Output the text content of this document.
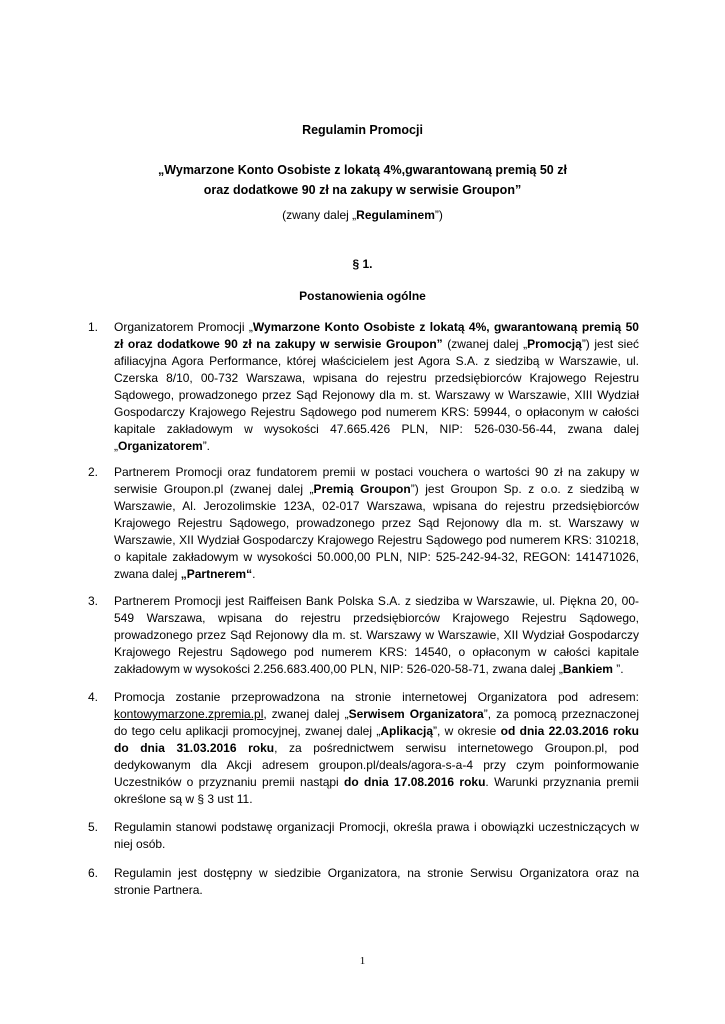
Regulamin Promocji
„Wymarzone Konto Osobiste z lokatą 4%,gwarantowaną premią 50 zł
oraz dodatkowe 90 zł na zakupy w serwisie Groupon”
(zwany dalej „Regulaminem”)
§ 1.
Postanowienia ogólne
1.	Organizatorem Promocji „Wymarzone Konto Osobiste z lokatą 4%, gwarantowaną premią 50 zł oraz dodatkowe 90 zł na zakupy w serwisie Groupon” (zwanej dalej „Promocją”) jest sieć afiliacyjna Agora Performance, której właścicielem jest Agora S.A. z siedzibą w Warszawie, ul. Czerska 8/10, 00-732 Warszawa, wpisana do rejestru przedsiębiorców Krajowego Rejestru Sądowego, prowadzonego przez Sąd Rejonowy dla m. st. Warszawy w Warszawie, XIII Wydział Gospodarczy Krajowego Rejestru Sądowego pod numerem KRS: 59944, o opłaconym w całości kapitale zakładowym w wysokości 47.665.426 PLN, NIP: 526-030-56-44, zwana dalej „Organizatorem”.
2.	Partnerem Promocji oraz fundatorem premii w postaci vouchera o wartości 90 zł na zakupy w serwisie Groupon.pl (zwanej dalej „Premią Groupon”) jest Groupon Sp. z o.o. z siedzibą w Warszawie, Al. Jerozolimskie 123A, 02-017 Warszawa, wpisana do rejestru przedsiębiorców Krajowego Rejestru Sądowego, prowadzonego przez Sąd Rejonowy dla m. st. Warszawy w Warszawie, XII Wydział Gospodarczy Krajowego Rejestru Sądowego pod numerem KRS: 310218, o kapitale zakładowym w wysokości 50.000,00 PLN, NIP: 525-242-94-32, REGON: 141471026, zwana dalej „Partnerem“.
3.	Partnerem Promocji jest Raiffeisen Bank Polska S.A. z siedziba w Warszawie, ul. Piękna 20, 00-549 Warszawa, wpisana do rejestru przedsiębiorców Krajowego Rejestru Sądowego, prowadzonego przez Sąd Rejonowy dla m. st. Warszawy w Warszawie, XII Wydział Gospodarczy Krajowego Rejestru Sądowego pod numerem KRS: 14540, o opłaconym w całości kapitale zakładowym w wysokości 2.256.683.400,00 PLN, NIP: 526-020-58-71, zwana dalej „Bankiem ”.
4.	Promocja zostanie przeprowadzona na stronie internetowej Organizatora pod adresem: kontowymarzone.zpremia.pl, zwanej dalej „Serwisem Organizatora”, za pomocą przeznaczonej do tego celu aplikacji promocyjnej, zwanej dalej „Aplikacją”, w okresie od dnia 22.03.2016 roku do dnia 31.03.2016 roku, za pośrednictwem serwisu internetowego Groupon.pl, pod dedykowanym dla Akcji adresem groupon.pl/deals/agora-s-a-4 przy czym poinformowanie Uczestników o przyznaniu premii nastąpi do dnia 17.08.2016 roku. Warunki przyznania premii określone są w § 3 ust 11.
5.	Regulamin stanowi podstawę organizacji Promocji, określa prawa i obowiązki uczestniczących w niej osób.
6.	Regulamin jest dostępny w siedzibie Organizatora, na stronie Serwisu Organizatora oraz na stronie Partnera.
1
